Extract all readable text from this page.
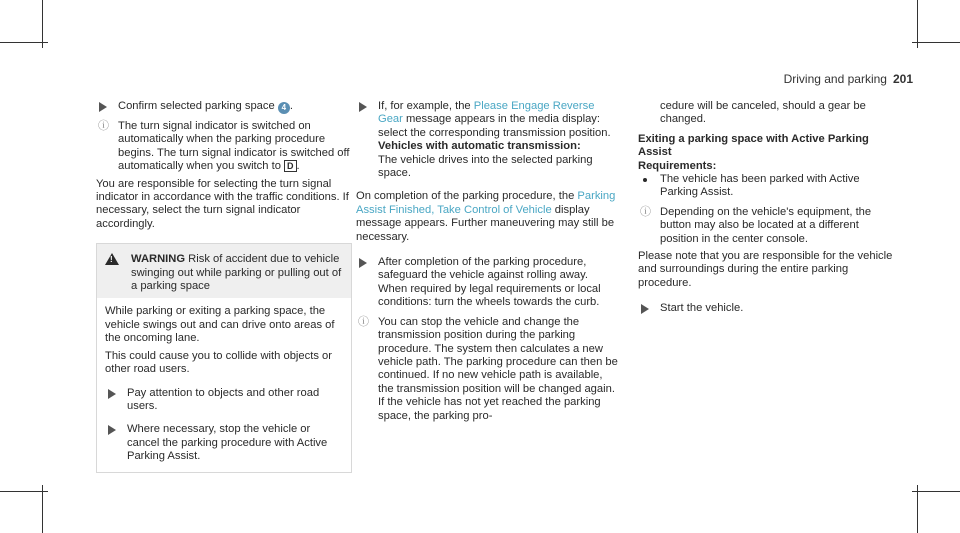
Driving and parking 201
Confirm selected parking space 4 .
ⓘ The turn signal indicator is switched on automatically when the parking procedure begins. The turn signal indicator is switched off automatically when you switch to D .

You are responsible for selecting the turn signal indicator in accordance with the traffic conditions. If necessary, select the turn signal indicator accordingly.

!
WARNING Risk of accident due to vehicle swinging out while parking or pulling out of a parking space

While parking or exiting a parking space, the vehicle swings out and can drive onto areas of the oncoming lane.

This could cause you to collide with objects or other road users.

Pay attention to objects and other road users.
Where necessary, stop the vehicle or cancel the parking procedure with Active Parking Assist.
If, for example, the Please Engage Reverse Gear message appears in the media display: select the corresponding transmission position.

Vehicles with automatic transmission:

The vehicle drives into the selected parking space.

On completion of the parking procedure, the Parking Assist Finished, Take Control of Vehicle display message appears. Further maneuvering may still be necessary.

After completion of the parking procedure, safeguard the vehicle against rolling away. When required by legal requirements or local conditions: turn the wheels towards the curb.
ⓘ You can stop the vehicle and change the transmission position during the parking procedure. The system then calculates a new vehicle path. The parking procedure can then be continued. If no new vehicle path is available, the transmission position will be changed again. If the vehicle has not yet reached the parking space, the parking pro-

cedure will be canceled, should a gear be changed.

Exiting a parking space with Active Parking Assist

Requirements:

The vehicle has been parked with Active Parking Assist.
ⓘ Depending on the vehicle's equipment, the button may also be located at a different position in the center console.

Please note that you are responsible for the vehicle and surroundings during the entire parking procedure.

Start the vehicle.
